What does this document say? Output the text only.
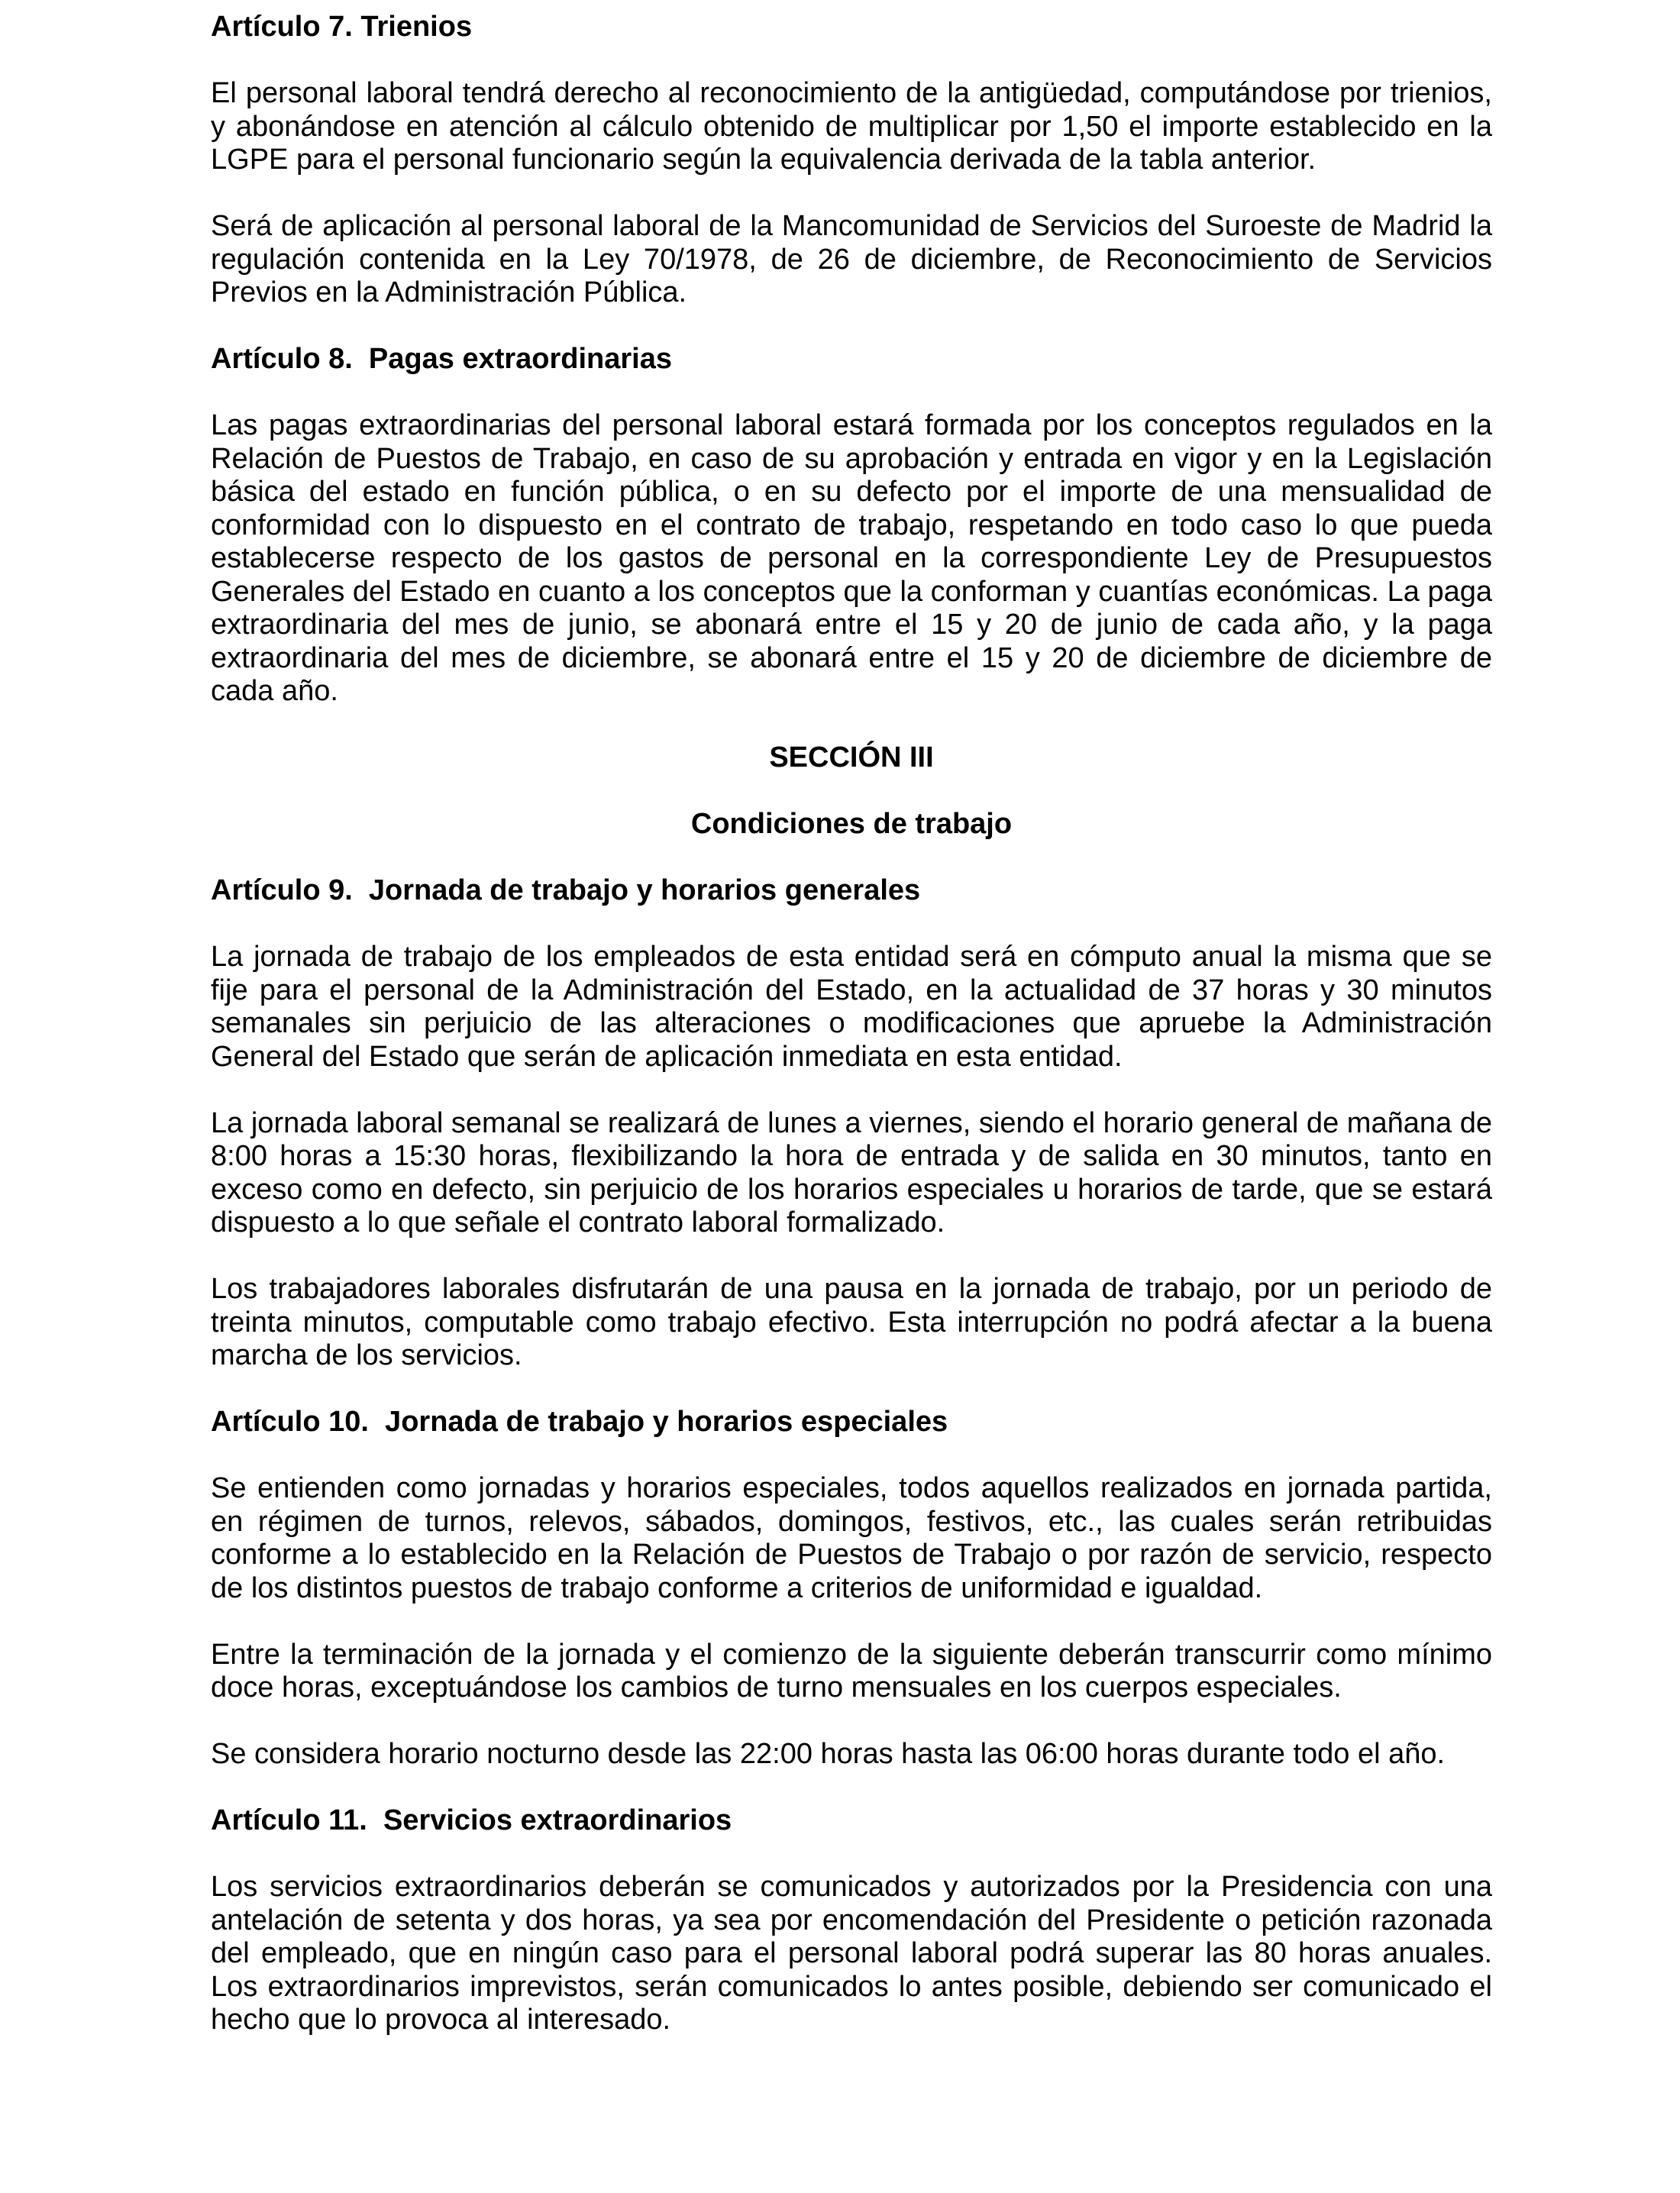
Artículo 7. Trienios
El personal laboral tendrá derecho al reconocimiento de la antigüedad, computándose por trienios, y abonándose en atención al cálculo obtenido de multiplicar por 1,50 el importe establecido en la LGPE para el personal funcionario según la equivalencia derivada de la tabla anterior.
Será de aplicación al personal laboral de la Mancomunidad de Servicios del Suroeste de Madrid la regulación contenida en la Ley 70/1978, de 26 de diciembre, de Reconocimiento de Servicios Previos en la Administración Pública.
Artículo 8.  Pagas extraordinarias
Las pagas extraordinarias del personal laboral estará formada por los conceptos regulados en la Relación de Puestos de Trabajo, en caso de su aprobación y entrada en vigor y en la Legislación básica del estado en función pública, o en su defecto por el importe de una mensualidad de conformidad con lo dispuesto en el contrato de trabajo, respetando en todo caso lo que pueda establecerse respecto de los gastos de personal en la correspondiente Ley de Presupuestos Generales del Estado en cuanto a los conceptos que la conforman y cuantías económicas. La paga extraordinaria del mes de junio, se abonará entre el 15 y 20 de junio de cada año, y la paga extraordinaria del mes de diciembre, se abonará entre el 15 y 20 de diciembre de diciembre de cada año.
SECCIÓN III
Condiciones de trabajo
Artículo 9.  Jornada de trabajo y horarios generales
La jornada de trabajo de los empleados de esta entidad será en cómputo anual la misma que se fije para el personal de la Administración del Estado, en la actualidad de 37 horas y 30 minutos semanales sin perjuicio de las alteraciones o modificaciones que apruebe la Administración General del Estado que serán de aplicación inmediata en esta entidad.
La jornada laboral semanal se realizará de lunes a viernes, siendo el horario general de mañana de 8:00 horas a 15:30 horas, flexibilizando la hora de entrada y de salida en 30 minutos, tanto en exceso como en defecto, sin perjuicio de los horarios especiales u horarios de tarde, que se estará dispuesto a lo que señale el contrato laboral formalizado.
Los trabajadores laborales disfrutarán de una pausa en la jornada de trabajo, por un periodo de treinta minutos, computable como trabajo efectivo. Esta interrupción no podrá afectar a la buena marcha de los servicios.
Artículo 10.  Jornada de trabajo y horarios especiales
Se entienden como jornadas y horarios especiales, todos aquellos realizados en jornada partida, en régimen de turnos, relevos, sábados, domingos, festivos, etc., las cuales serán retribuidas conforme a lo establecido en la Relación de Puestos de Trabajo o por razón de servicio, respecto de los distintos puestos de trabajo conforme a criterios de uniformidad e igualdad.
Entre la terminación de la jornada y el comienzo de la siguiente deberán transcurrir como mínimo doce horas, exceptuándose los cambios de turno mensuales en los cuerpos especiales.
Se considera horario nocturno desde las 22:00 horas hasta las 06:00 horas durante todo el año.
Artículo 11.  Servicios extraordinarios
Los servicios extraordinarios deberán se comunicados y autorizados por la Presidencia con una antelación de setenta y dos horas, ya sea por encomendación del Presidente o petición razonada del empleado, que en ningún caso para el personal laboral podrá superar las 80 horas anuales. Los extraordinarios imprevistos, serán comunicados lo antes posible, debiendo ser comunicado el hecho que lo provoca al interesado.
